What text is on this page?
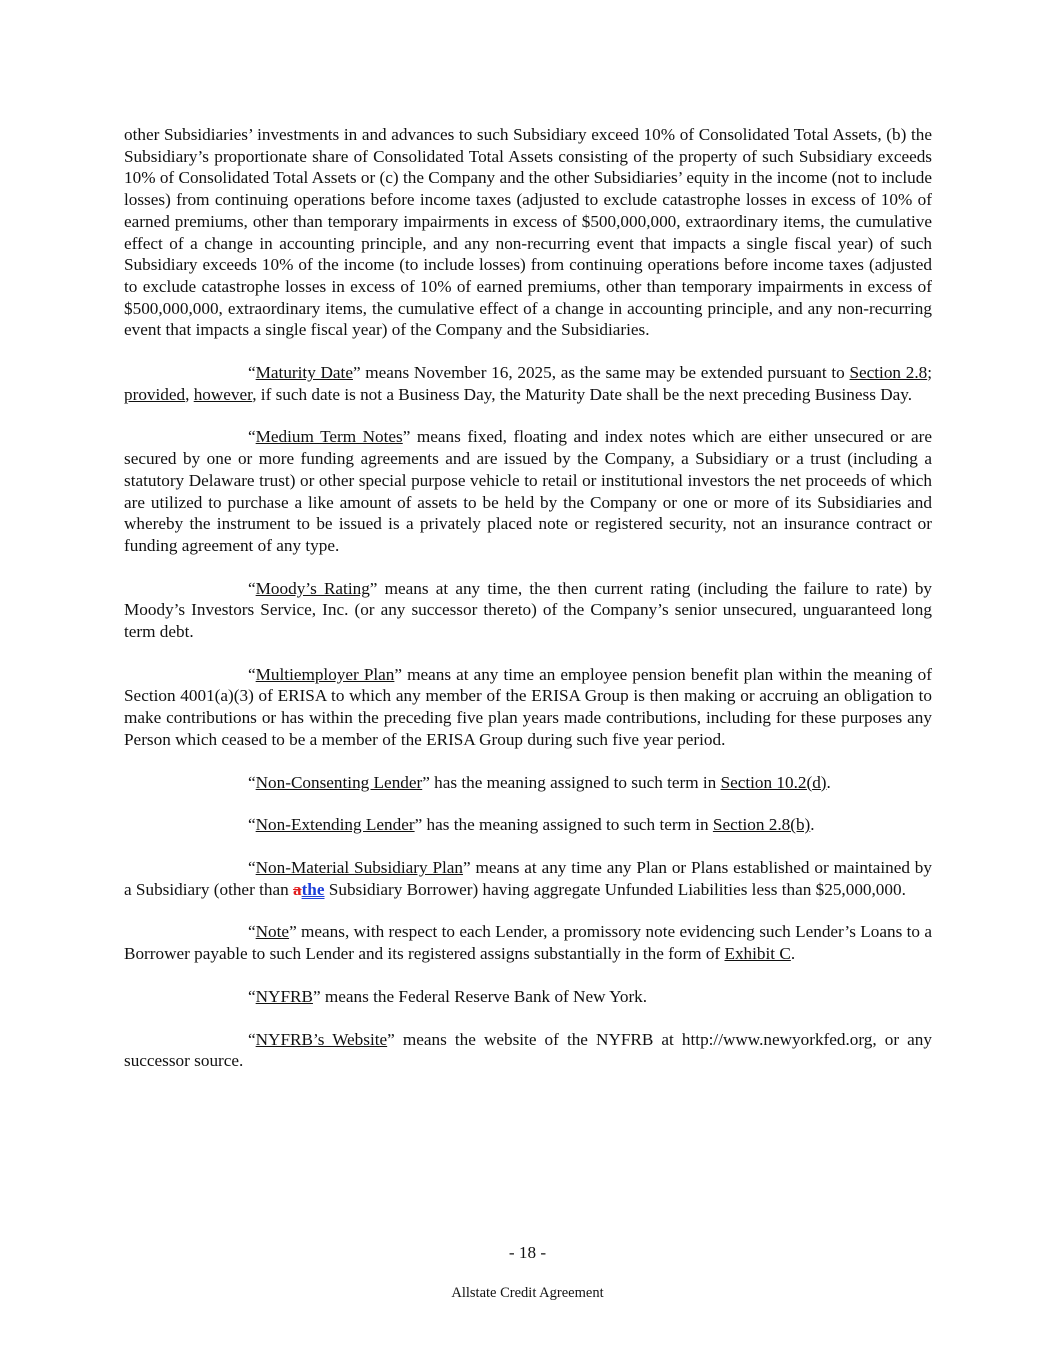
other Subsidiaries’ investments in and advances to such Subsidiary exceed 10% of Consolidated Total Assets, (b) the Subsidiary’s proportionate share of Consolidated Total Assets consisting of the property of such Subsidiary exceeds 10% of Consolidated Total Assets or (c) the Company and the other Subsidiaries’ equity in the income (not to include losses) from continuing operations before income taxes (adjusted to exclude catastrophe losses in excess of 10% of earned premiums, other than temporary impairments in excess of $500,000,000, extraordinary items, the cumulative effect of a change in accounting principle, and any non-recurring event that impacts a single fiscal year) of such Subsidiary exceeds 10% of the income (to include losses) from continuing operations before income taxes (adjusted to exclude catastrophe losses in excess of 10% of earned premiums, other than temporary impairments in excess of $500,000,000, extraordinary items, the cumulative effect of a change in accounting principle, and any non-recurring event that impacts a single fiscal year) of the Company and the Subsidiaries.

“Maturity Date” means November 16, 2025, as the same may be extended pursuant to Section 2.8; provided, however, if such date is not a Business Day, the Maturity Date shall be the next preceding Business Day.

“Medium Term Notes” means fixed, floating and index notes which are either unsecured or are secured by one or more funding agreements and are issued by the Company, a Subsidiary or a trust (including a statutory Delaware trust) or other special purpose vehicle to retail or institutional investors the net proceeds of which are utilized to purchase a like amount of assets to be held by the Company or one or more of its Subsidiaries and whereby the instrument to be issued is a privately placed note or registered security, not an insurance contract or funding agreement of any type.

“Moody’s Rating” means at any time, the then current rating (including the failure to rate) by Moody’s Investors Service, Inc. (or any successor thereto) of the Company’s senior unsecured, unguaranteed long term debt.

“Multiemployer Plan” means at any time an employee pension benefit plan within the meaning of Section 4001(a)(3) of ERISA to which any member of the ERISA Group is then making or accruing an obligation to make contributions or has within the preceding five plan years made contributions, including for these purposes any Person which ceased to be a member of the ERISA Group during such five year period.

“Non-Consenting Lender” has the meaning assigned to such term in Section 10.2(d).

“Non-Extending Lender” has the meaning assigned to such term in Section 2.8(b).

“Non-Material Subsidiary Plan” means at any time any Plan or Plans established or maintained by a Subsidiary (other than athe Subsidiary Borrower) having aggregate Unfunded Liabilities less than $25,000,000.

“Note” means, with respect to each Lender, a promissory note evidencing such Lender’s Loans to a Borrower payable to such Lender and its registered assigns substantially in the form of Exhibit C.

“NYFRB” means the Federal Reserve Bank of New York.

“NYFRB’s Website” means the website of the NYFRB at http://www.newyorkfed.org, or any successor source.

- 18 -
Allstate Credit Agreement
